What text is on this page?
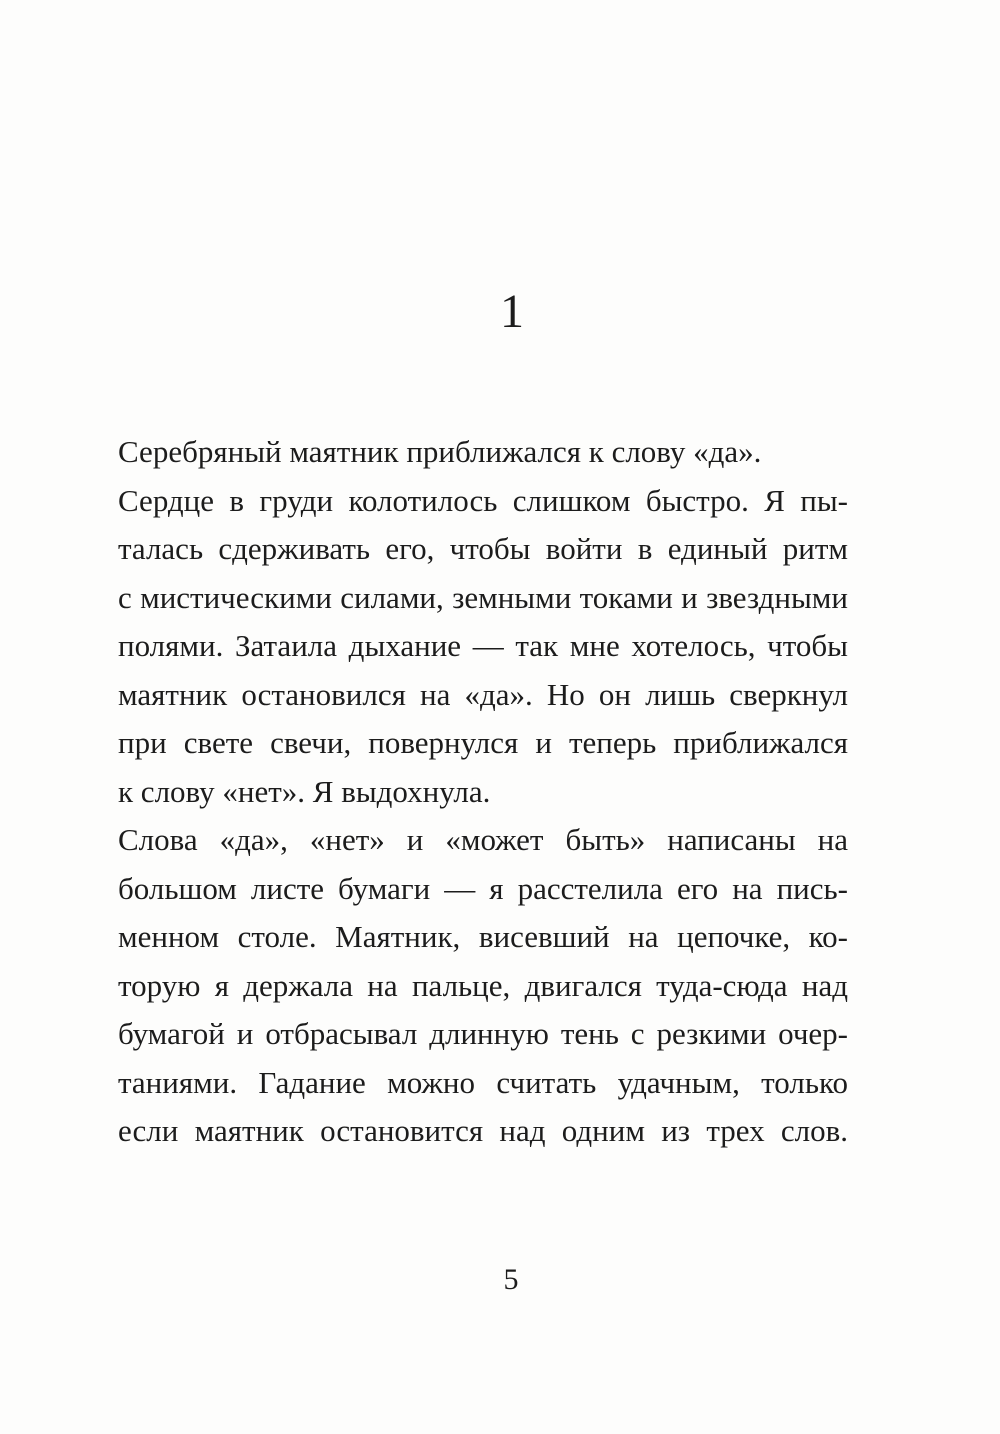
1
Серебряный маятник приближался к слову «да».
Сердце в груди колотилось слишком быстро. Я пы-
талась сдерживать его, чтобы войти в единый ритм
с мистическими силами, земными токами и звездными
полями. Затаила дыхание — так мне хотелось, чтобы
маятник остановился на «да». Но он лишь сверкнул
при свете свечи, повернулся и теперь приближался
к слову «нет». Я выдохнула.
Слова «да», «нет» и «может быть» написаны на
большом листе бумаги — я расстелила его на пись-
менном столе. Маятник, висевший на цепочке, ко-
торую я держала на пальце, двигался туда-сюда над
бумагой и отбрасывал длинную тень с резкими очер-
таниями. Гадание можно считать удачным, только
если маятник остановится над одним из трех слов.
5
